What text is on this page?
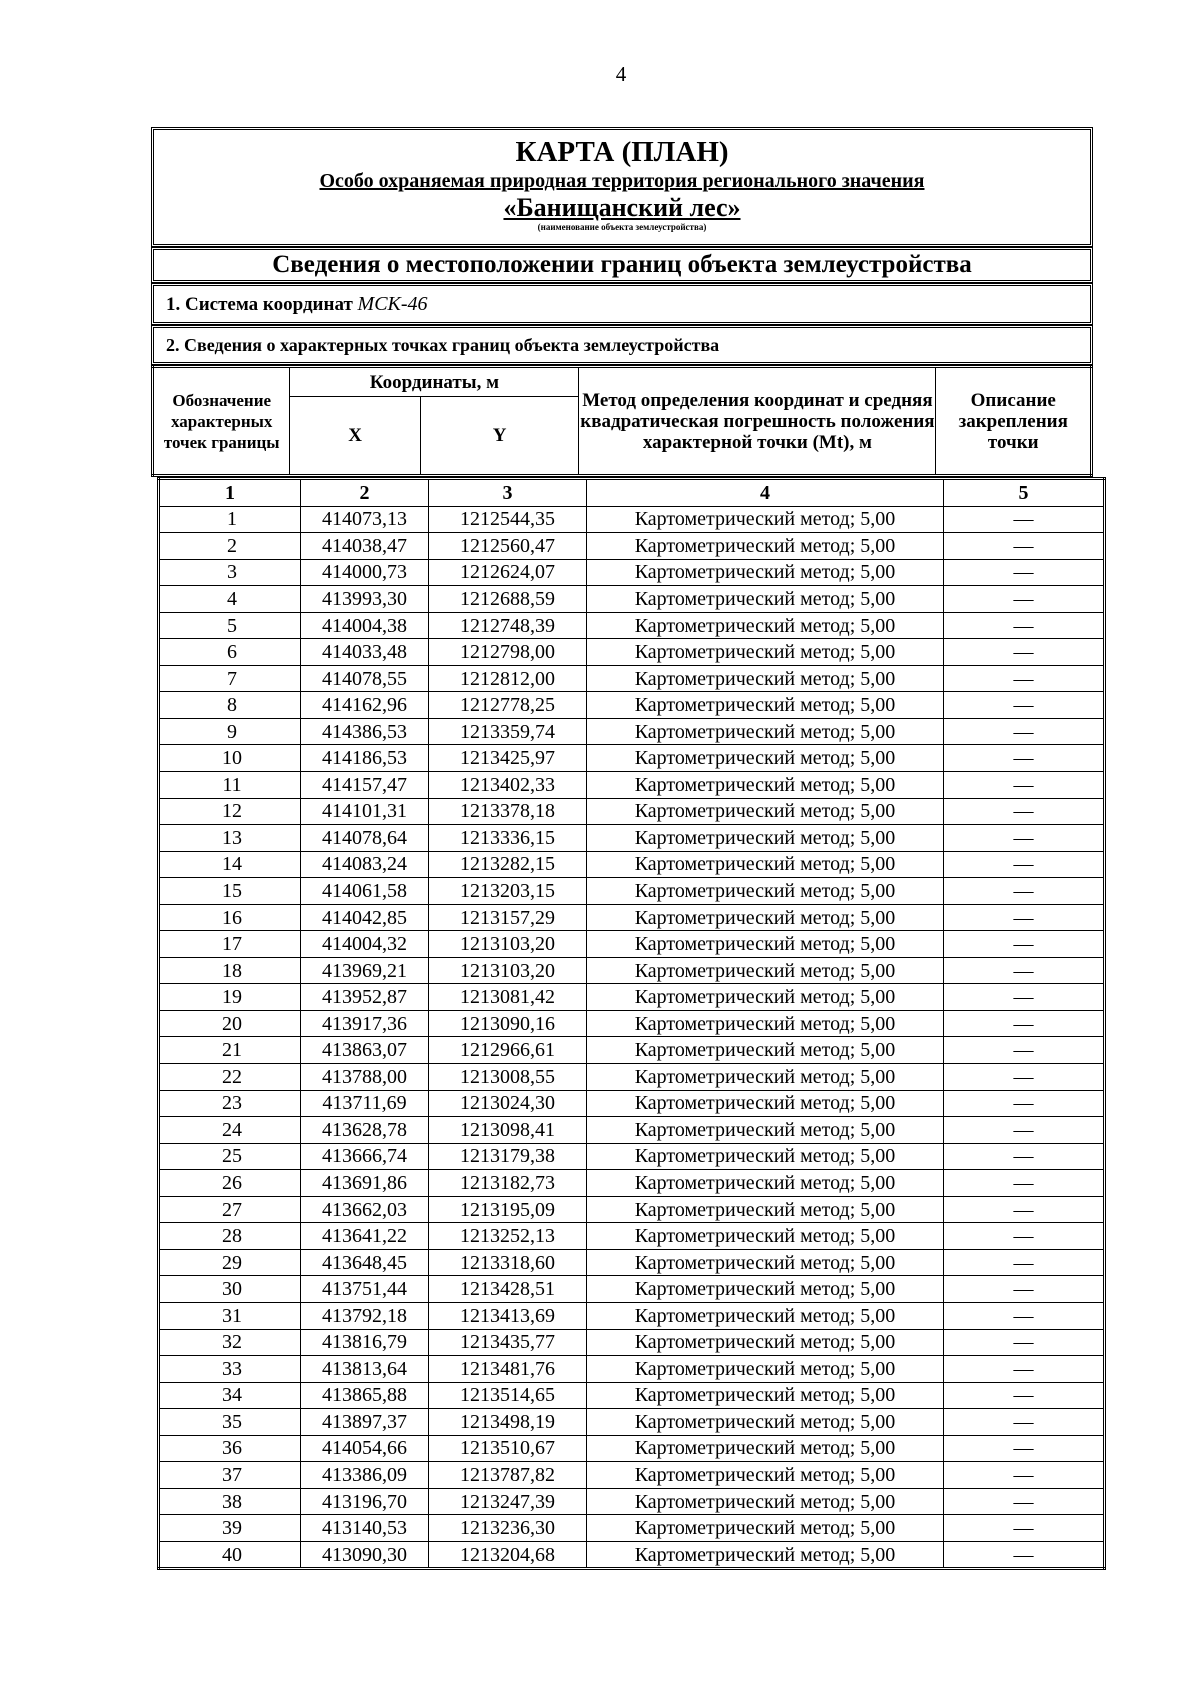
4
КАРТА (ПЛАН)
Особо охраняемая природная территория регионального значения
«Банищанский лес»
(наименование объекта землеустройства)
Сведения о местоположении границ объекта землеустройства
1. Система координат МСК-46
2. Сведения о характерных точках границ объекта землеустройства
Обозначение характерных точек границы	Координаты, м		Метод определения координат и средняя квадратическая погрешность положения характерной точки (Mt), м	Описание закрепления точки
	X	Y		
1	2	3	4	5
1	414073,13	1212544,35	Картометрический метод; 5,00	—
2	414038,47	1212560,47	Картометрический метод; 5,00	—
3	414000,73	1212624,07	Картометрический метод; 5,00	—
4	413993,30	1212688,59	Картометрический метод; 5,00	—
5	414004,38	1212748,39	Картометрический метод; 5,00	—
6	414033,48	1212798,00	Картометрический метод; 5,00	—
7	414078,55	1212812,00	Картометрический метод; 5,00	—
8	414162,96	1212778,25	Картометрический метод; 5,00	—
9	414386,53	1213359,74	Картометрический метод; 5,00	—
10	414186,53	1213425,97	Картометрический метод; 5,00	—
11	414157,47	1213402,33	Картометрический метод; 5,00	—
12	414101,31	1213378,18	Картометрический метод; 5,00	—
13	414078,64	1213336,15	Картометрический метод; 5,00	—
14	414083,24	1213282,15	Картометрический метод; 5,00	—
15	414061,58	1213203,15	Картометрический метод; 5,00	—
16	414042,85	1213157,29	Картометрический метод; 5,00	—
17	414004,32	1213103,20	Картометрический метод; 5,00	—
18	413969,21	1213103,20	Картометрический метод; 5,00	—
19	413952,87	1213081,42	Картометрический метод; 5,00	—
20	413917,36	1213090,16	Картометрический метод; 5,00	—
21	413863,07	1212966,61	Картометрический метод; 5,00	—
22	413788,00	1213008,55	Картометрический метод; 5,00	—
23	413711,69	1213024,30	Картометрический метод; 5,00	—
24	413628,78	1213098,41	Картометрический метод; 5,00	—
25	413666,74	1213179,38	Картометрический метод; 5,00	—
26	413691,86	1213182,73	Картометрический метод; 5,00	—
27	413662,03	1213195,09	Картометрический метод; 5,00	—
28	413641,22	1213252,13	Картометрический метод; 5,00	—
29	413648,45	1213318,60	Картометрический метод; 5,00	—
30	413751,44	1213428,51	Картометрический метод; 5,00	—
31	413792,18	1213413,69	Картометрический метод; 5,00	—
32	413816,79	1213435,77	Картометрический метод; 5,00	—
33	413813,64	1213481,76	Картометрический метод; 5,00	—
34	413865,88	1213514,65	Картометрический метод; 5,00	—
35	413897,37	1213498,19	Картометрический метод; 5,00	—
36	414054,66	1213510,67	Картометрический метод; 5,00	—
37	413386,09	1213787,82	Картометрический метод; 5,00	—
38	413196,70	1213247,39	Картометрический метод; 5,00	—
39	413140,53	1213236,30	Картометрический метод; 5,00	—
40	413090,30	1213204,68	Картометрический метод; 5,00	—
